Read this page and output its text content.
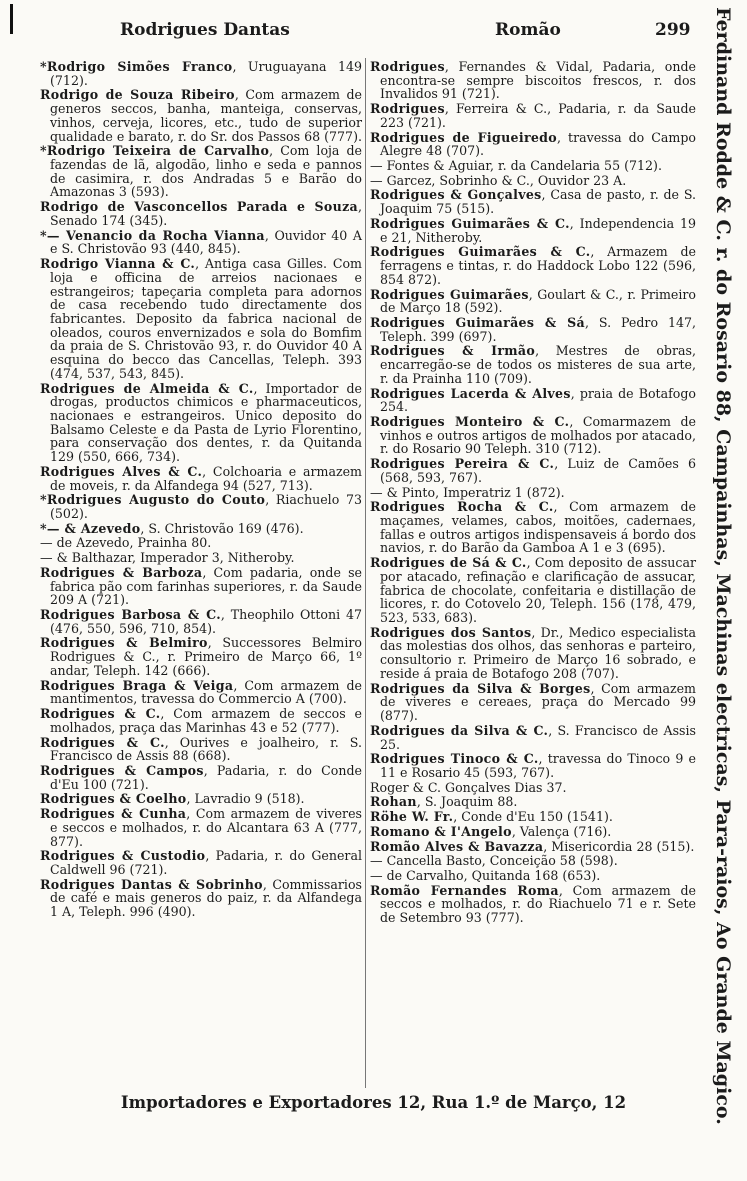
Rodrigues Dantas	Romão	299

*Rodrigo Simões Franco, Uruguayana 149 (712).

Rodrigo de Souza Ribeiro, Com armazem de generos seccos, banha, manteiga, conservas, vinhos, cerveja, licores, etc., tudo de superior qualidade e barato, r. do Sr. dos Passos 68 (777).

*Rodrigo Teixeira de Carvalho, Com loja de fazendas de lã, algodão, linho e seda e pannos de casimira, r. dos Andradas 5 e Barão do Amazonas 3 (593).

Rodrigo de Vasconcellos Parada e Souza, Senado 174 (345).

*— Venancio da Rocha Vianna, Ouvidor 40 A e S. Christovão 93 (440, 845).

Rodrigo Vianna & C., Antiga casa Gilles. Com loja e officina de arreios nacionaes e estrangeiros; tapeçaria completa para adornos de casa recebendo tudo directamente dos fabricantes. Deposito da fabrica nacional de oleados, couros envernizados e sola do Bomfim da praia de S. Christovão 93, r. do Ouvidor 40 A esquina do becco das Cancellas, Teleph. 393 (474, 537, 543, 845).

Rodrigues de Almeida & C., Importador de drogas, productos chimicos e pharmaceuticos, nacionaes e estrangeiros. Unico deposito do Balsamo Celeste e da Pasta de Lyrio Florentino, para conservação dos dentes, r. da Quitanda 129 (550, 666, 734).

Rodrigues Alves & C., Colchoaria e armazem de moveis, r. da Alfandega 94 (527, 713).

*Rodrigues Augusto do Couto, Riachuelo 73 (502).

*— & Azevedo, S. Christovão 169 (476).

— de Azevedo, Prainha 80.

— & Balthazar, Imperador 3, Nitheroby.

Rodrigues & Barboza, Com padaria, onde se fabrica pão com farinhas superiores, r. da Saude 209 A (721).

Rodrigues Barbosa & C., Theophilo Ottoni 47 (476, 550, 596, 710, 854).

Rodrigues & Belmiro, Successores Belmiro Rodrigues & C., r. Primeiro de Março 66, 1º andar, Teleph. 142 (666).

Rodrigues Braga & Veiga, Com armazem de mantimentos, travessa do Commercio A (700).

Rodrigues & C., Com armazem de seccos e molhados, praça das Marinhas 43 e 52 (777).

Rodrigues & C., Ourives e joalheiro, r. S. Francisco de Assis 88 (668).

Rodrigues & Campos, Padaria, r. do Conde d'Eu 100 (721).

Rodrigues & Coelho, Lavradio 9 (518).

Rodrigues & Cunha, Com armazem de viveres e seccos e molhados, r. do Alcantara 63 A (777, 877).

Rodrigues & Custodio, Padaria, r. do General Caldwell 96 (721).

Rodrigues Dantas & Sobrinho, Commissarios de café e mais generos do paiz, r. da Alfandega 1 A, Teleph. 996 (490).

Rodrigues, Fernandes & Vidal, Padaria, onde encontra-se sempre biscoitos frescos, r. dos Invalidos 91 (721).

Rodrigues, Ferreira & C., Padaria, r. da Saude 223 (721).

Rodrigues de Figueiredo, travessa do Campo Alegre 48 (707).

— Fontes & Aguiar, r. da Candelaria 55 (712).

— Garcez, Sobrinho & C., Ouvidor 23 A.

Rodrigues & Gonçalves, Casa de pasto, r. de S. Joaquim 75 (515).

Rodrigues Guimarães & C., Independencia 19 e 21, Nitheroby.

Rodrigues Guimarães & C., Armazem de ferragens e tintas, r. do Haddock Lobo 122 (596, 854 872).

Rodrigues Guimarães, Goulart & C., r. Primeiro de Março 18 (592).

Rodrigues Guimarães & Sá, S. Pedro 147, Teleph. 399 (697).

Rodrigues & Irmão, Mestres de obras, encarregão-se de todos os misteres de sua arte, r. da Prainha 110 (709).

Rodrigues Lacerda & Alves, praia de Botafogo 254.

Rodrigues Monteiro & C., Comarmazem de vinhos e outros artigos de molhados por atacado, r. do Rosario 90 Teleph. 310 (712).

Rodrigues Pereira & C., Luiz de Camões 6 (568, 593, 767).

— & Pinto, Imperatriz 1 (872).

Rodrigues Rocha & C., Com armazem de maçames, velames, cabos, moitões, cadernaes, fallas e outros artigos indispensaveis á bordo dos navios, r. do Barão da Gamboa A 1 e 3 (695).

Rodrigues de Sá & C., Com deposito de assucar por atacado, refinação e clarificação de assucar, fabrica de chocolate, confeitaria e distillação de licores, r. do Cotovelo 20, Teleph. 156 (178, 479, 523, 533, 683).

Rodrigues dos Santos, Dr., Medico especialista das molestias dos olhos, das senhoras e parteiro, consultorio r. Primeiro de Março 16 sobrado, e reside á praia de Botafogo 208 (707).

Rodrigues da Silva & Borges, Com armazem de viveres e cereaes, praça do Mercado 99 (877).

Rodrigues da Silva & C., S. Francisco de Assis 25.

Rodrigues Tinoco & C., travessa do Tinoco 9 e 11 e Rosario 45 (593, 767).

Roger & C. Gonçalves Dias 37.

Rohan, S. Joaquim 88.

Röhe W. Fr., Conde d'Eu 150 (1541).

Romano & I'Angelo, Valença (716).

Romão Alves & Bavazza, Misericordia 28 (515).

— Cancella Basto, Conceição 58 (598).

— de Carvalho, Quitanda 168 (653).

Romão Fernandes Roma, Com armazem de seccos e molhados, r. do Riachuelo 71 e r. Sete de Setembro 93 (777).	Ferdinand Rodde & C. r. do Rosario 88, Campainhas, Machinas electricas, Para-raios, Ao Grande Magico.
Importadores e Exportadores 12, Rua 1.º de Março, 12
